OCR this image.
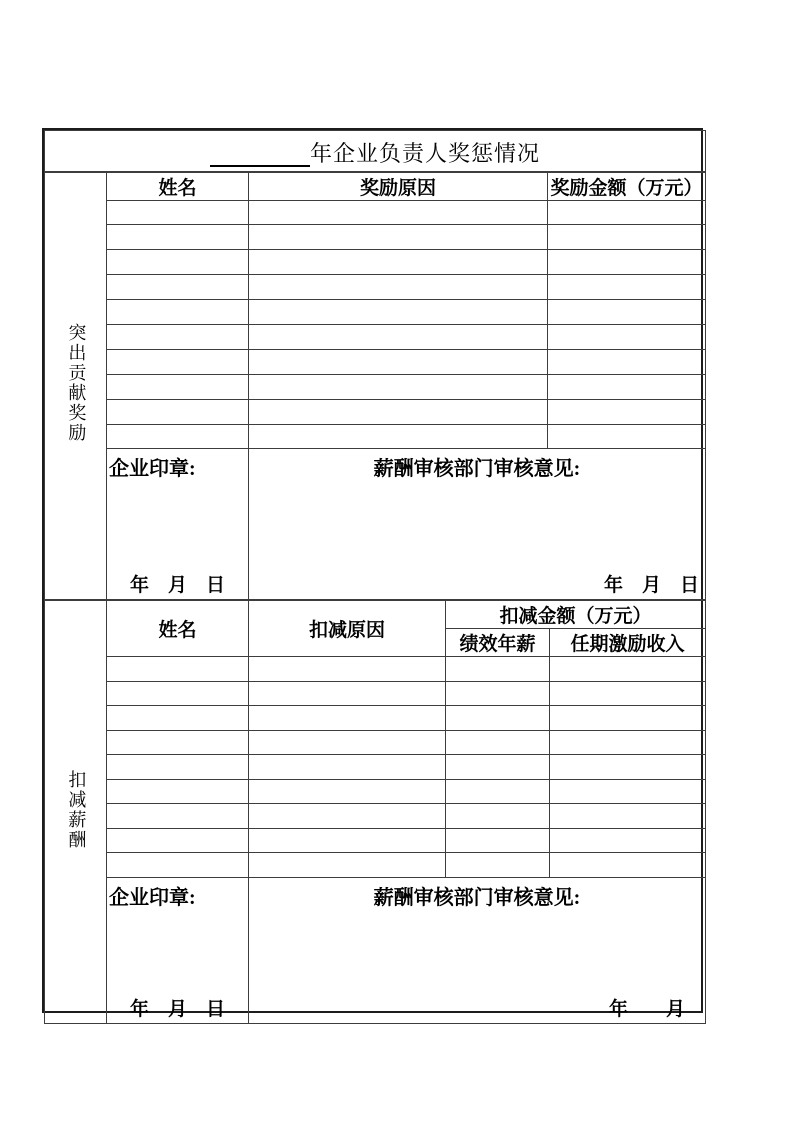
年企业负责人奖惩情况			
突出贡献奖励	姓名	奖励原因	奖励金额（万元）

	企业印章:
年　月　日	薪酬审核部门审核意见:
年　月　日	
扣减薪酬	姓名	扣减原因	扣减金额（万元）	
			绩效年薪	任期激励收入

	企业印章:
年　月　日	薪酬审核部门审核意见:
年　　月		
